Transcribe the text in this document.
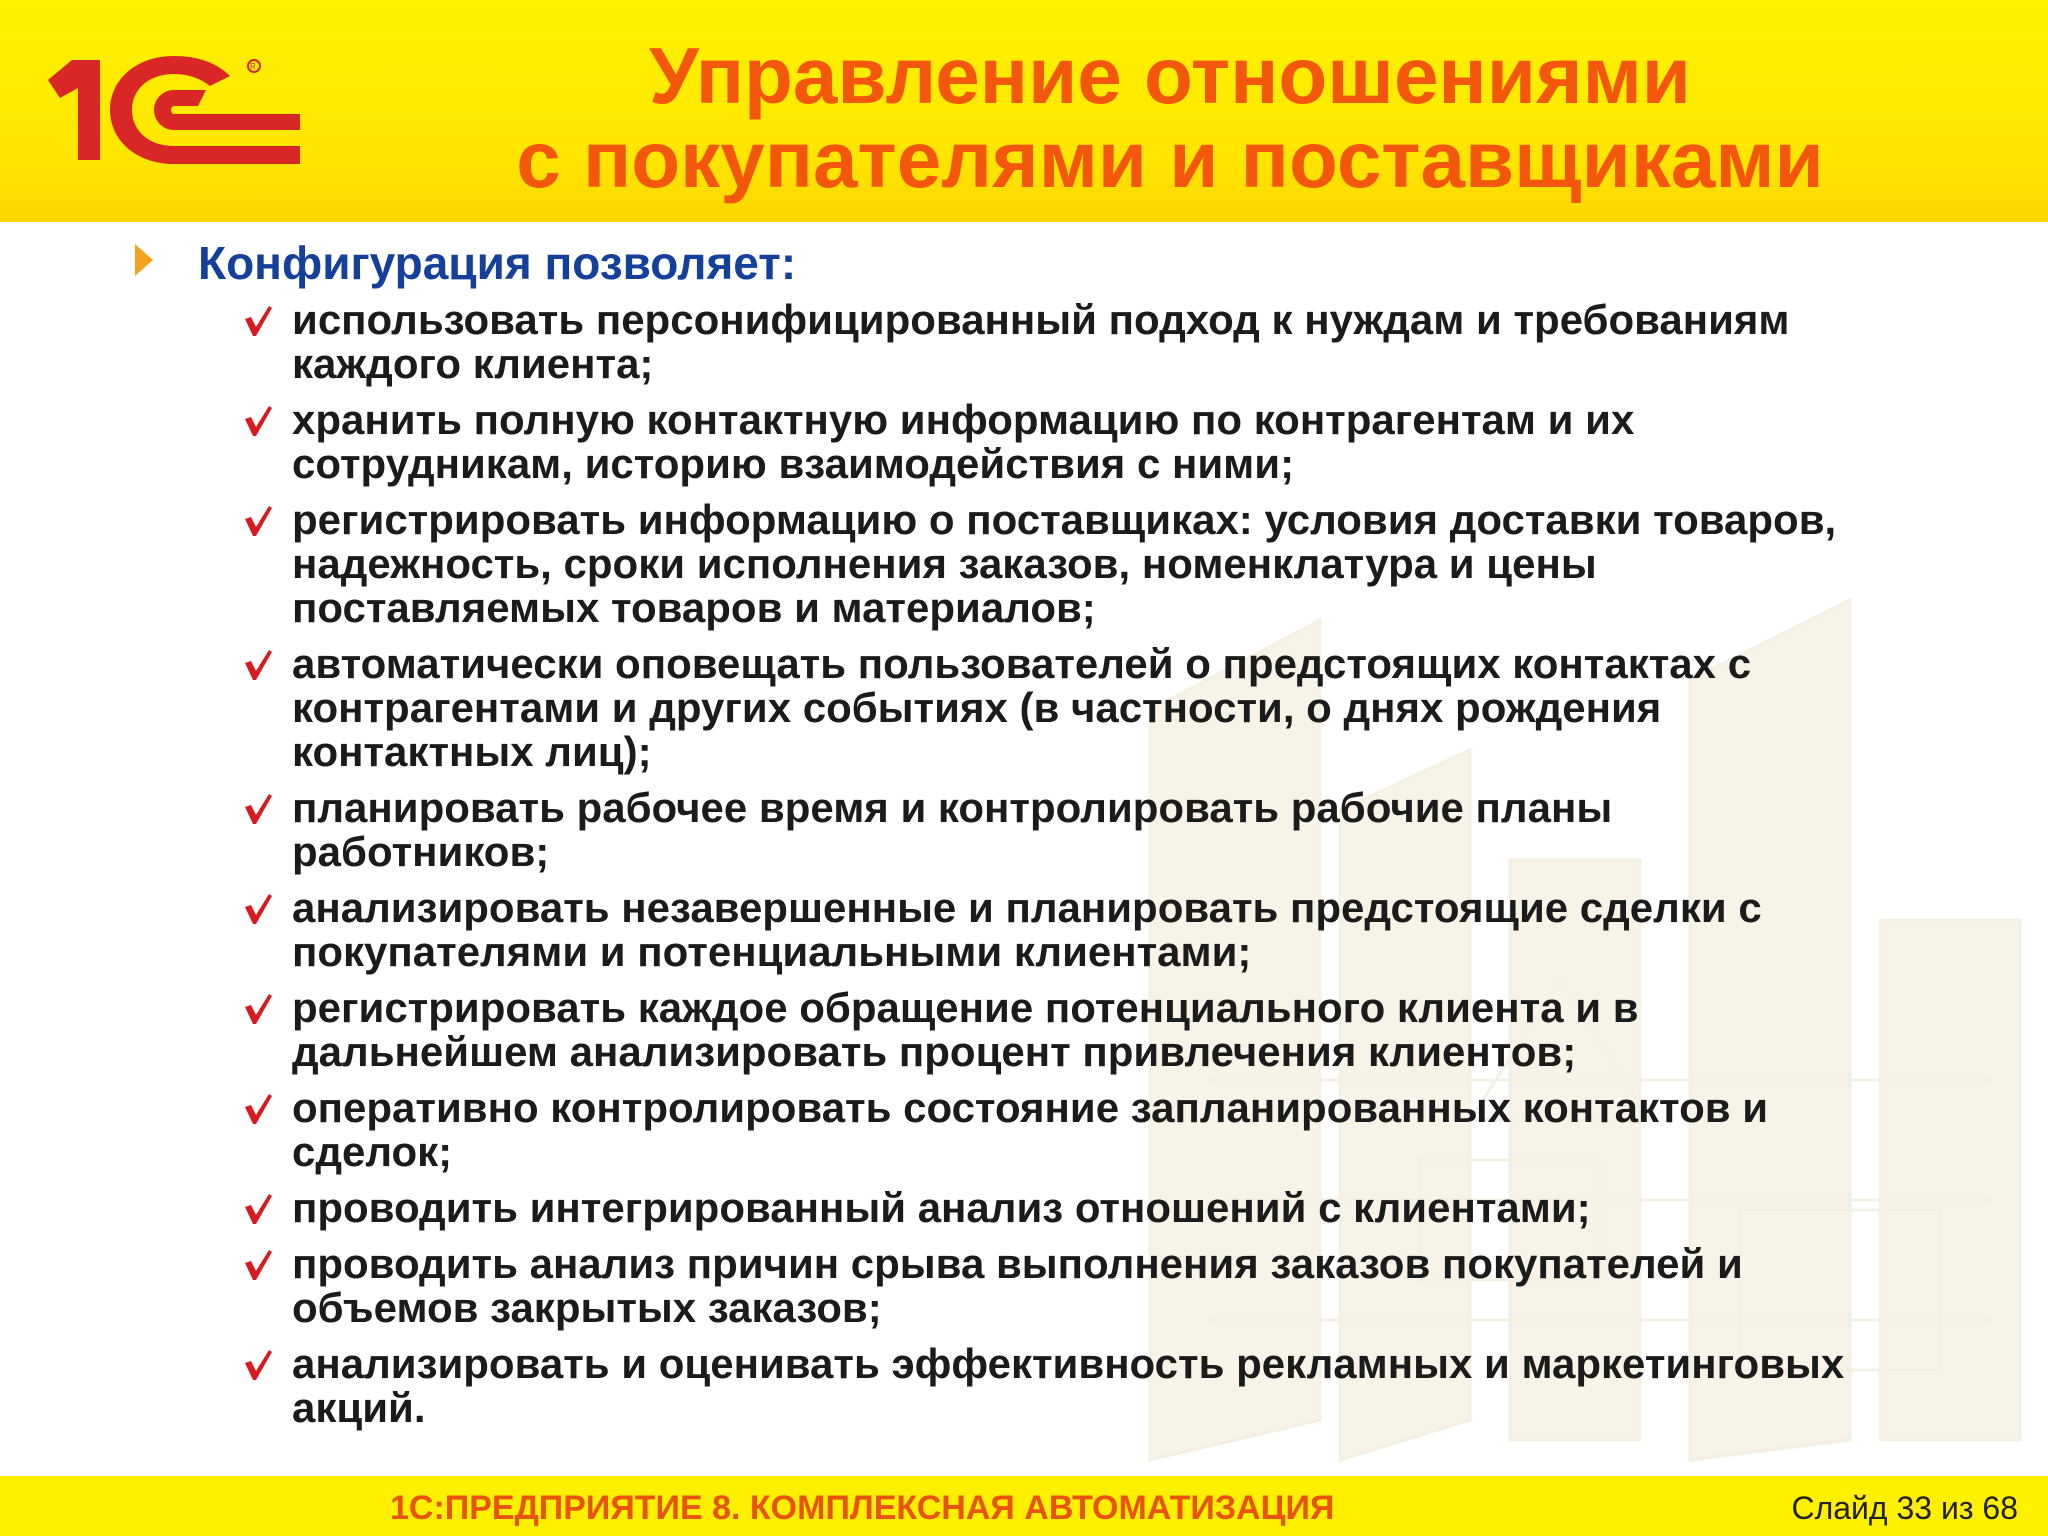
R	Управление отношениями
с покупателями и поставщиками
Конфигурация позволяет:
использовать персонифицированный подход к нуждам и требованиям
каждого клиента;
хранить полную контактную информацию по контрагентам и их
сотрудникам, историю взаимодействия с ними;
регистрировать информацию о поставщиках: условия доставки товаров,
надежность, сроки исполнения заказов, номенклатура и цены
поставляемых товаров и материалов;
автоматически оповещать пользователей о предстоящих контактах с
контрагентами и других событиях (в частности, о днях рождения
контактных лиц);
планировать рабочее время и контролировать рабочие планы
работников;
анализировать незавершенные и планировать предстоящие сделки с
покупателями и потенциальными клиентами;
регистрировать каждое обращение потенциального клиента и в
дальнейшем анализировать процент привлечения клиентов;
оперативно контролировать состояние запланированных контактов и
сделок;
проводить интегрированный анализ отношений с клиентами;
проводить анализ причин срыва выполнения заказов покупателей и
объемов закрытых заказов;
анализировать и оценивать эффективность рекламных и маркетинговых
акций.
1С:ПРЕДПРИЯТИЕ 8. КОМПЛЕКСНАЯ АВТОМАТИЗАЦИЯ	Слайд 33 из 68
